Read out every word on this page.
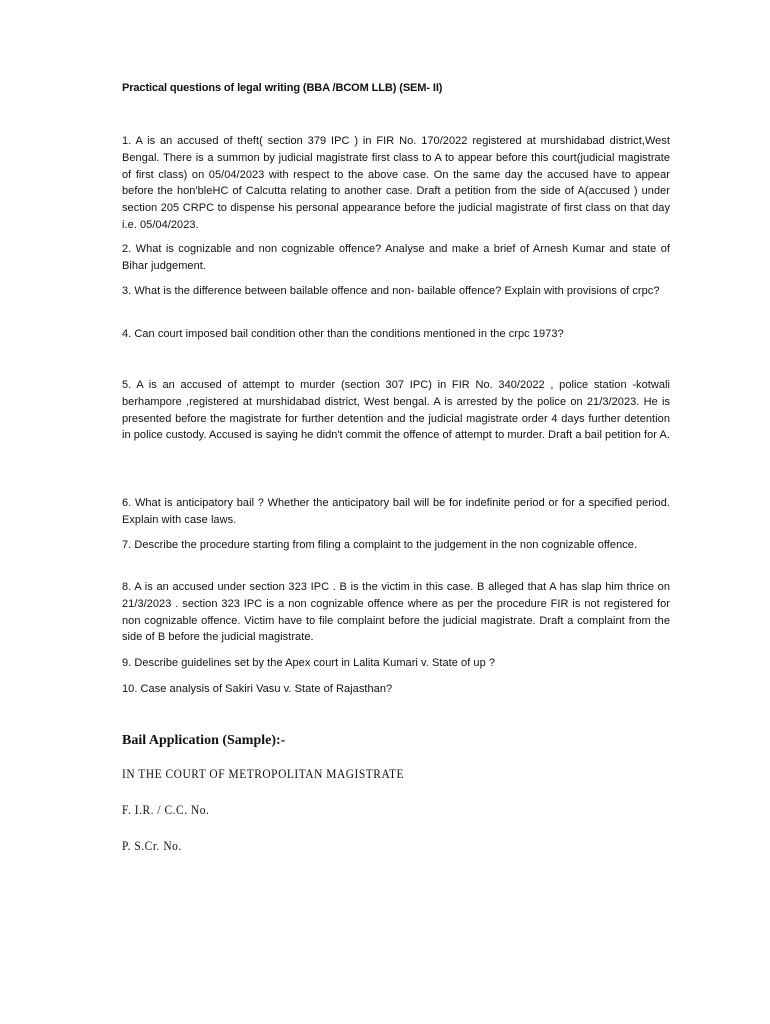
Practical questions of legal writing (BBA /BCOM LLB) (SEM- II)
1. A is an accused of theft( section 379 IPC ) in FIR No. 170/2022 registered at murshidabad district,West Bengal. There is a summon by judicial magistrate first class to A to appear before this court(judicial magistrate of first class) on 05/04/2023 with respect to the above case. On the same day the accused have to appear before the hon'bleHC of Calcutta relating to another case. Draft a petition from the side of A(accused ) under section 205 CRPC to dispense his personal appearance before the judicial magistrate of first class on that day i.e. 05/04/2023.
2. What is cognizable and non cognizable offence? Analyse and make a brief of Arnesh Kumar and state of Bihar judgement.
3. What is the difference between bailable offence and non- bailable offence? Explain with provisions of crpc?
4. Can court imposed bail condition other than the conditions mentioned in the crpc 1973?
5. A is an accused of attempt to murder (section 307 IPC) in FIR No. 340/2022 , police station -kotwali berhampore ,registered at murshidabad district, West bengal. A is arrested by the police on 21/3/2023. He is presented before the magistrate for further detention and the judicial magistrate order 4 days further detention in police custody. Accused is saying he didn't commit the offence of attempt to murder. Draft a bail petition for A.
6. What is anticipatory bail ? Whether the anticipatory bail will be for indefinite period or for a specified period. Explain with case laws.
7. Describe the procedure starting from filing a complaint to the judgement in the non cognizable offence.
8. A is an accused under section 323 IPC . B is the victim in this case. B alleged that A has slap him thrice on 21/3/2023 . section 323 IPC is a non cognizable offence where as per the procedure FIR is not registered for non cognizable offence. Victim have to file complaint before the judicial magistrate. Draft a complaint from the side of B before the judicial magistrate.
9. Describe guidelines set by the Apex court in Lalita Kumari v. State of up ?
10. Case analysis of Sakiri Vasu v. State of Rajasthan?
Bail Application (Sample):-
IN THE COURT OF METROPOLITAN MAGISTRATE
F. I.R. / C.C. No.
P. S.Cr. No.
